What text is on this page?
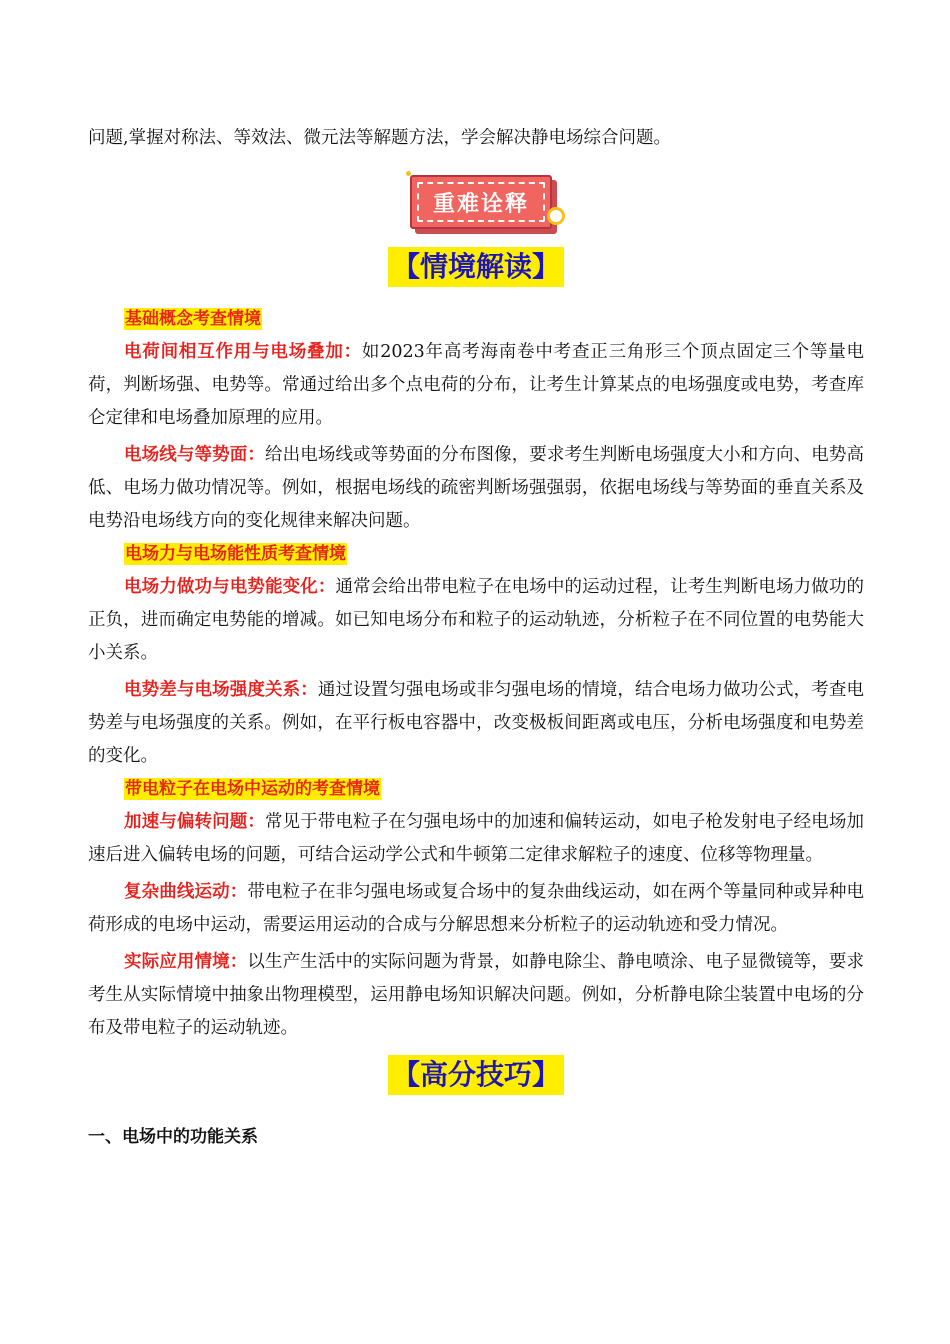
问题,掌握对称法、等效法、微元法等解题方法，学会解决静电场综合问题。

重难诠释
【情境解读】

基础概念考查情境

电荷间相互作用与电场叠加：如2023年高考海南卷中考查正三角形三个顶点固定三个等量电荷，判断场强、电势等。常通过给出多个点电荷的分布，让考生计算某点的电场强度或电势，考查库仑定律和电场叠加原理的应用。

电场线与等势面：给出电场线或等势面的分布图像，要求考生判断电场强度大小和方向、电势高低、电场力做功情况等。例如，根据电场线的疏密判断场强强弱，依据电场线与等势面的垂直关系及电势沿电场线方向的变化规律来解决问题。

电场力与电场能性质考查情境

电场力做功与电势能变化：通常会给出带电粒子在电场中的运动过程，让考生判断电场力做功的正负，进而确定电势能的增减。如已知电场分布和粒子的运动轨迹，分析粒子在不同位置的电势能大小关系。

电势差与电场强度关系：通过设置匀强电场或非匀强电场的情境，结合电场力做功公式，考查电势差与电场强度的关系。例如，在平行板电容器中，改变极板间距离或电压，分析电场强度和电势差的变化。

带电粒子在电场中运动的考查情境

加速与偏转问题：常见于带电粒子在匀强电场中的加速和偏转运动，如电子枪发射电子经电场加速后进入偏转电场的问题，可结合运动学公式和牛顿第二定律求解粒子的速度、位移等物理量。

复杂曲线运动：带电粒子在非匀强电场或复合场中的复杂曲线运动，如在两个等量同种或异种电荷形成的电场中运动，需要运用运动的合成与分解思想来分析粒子的运动轨迹和受力情况。

实际应用情境：以生产生活中的实际问题为背景，如静电除尘、静电喷涂、电子显微镜等，要求考生从实际情境中抽象出物理模型，运用静电场知识解决问题。例如，分析静电除尘装置中电场的分布及带电粒子的运动轨迹。

【高分技巧】

一、电场中的功能关系
